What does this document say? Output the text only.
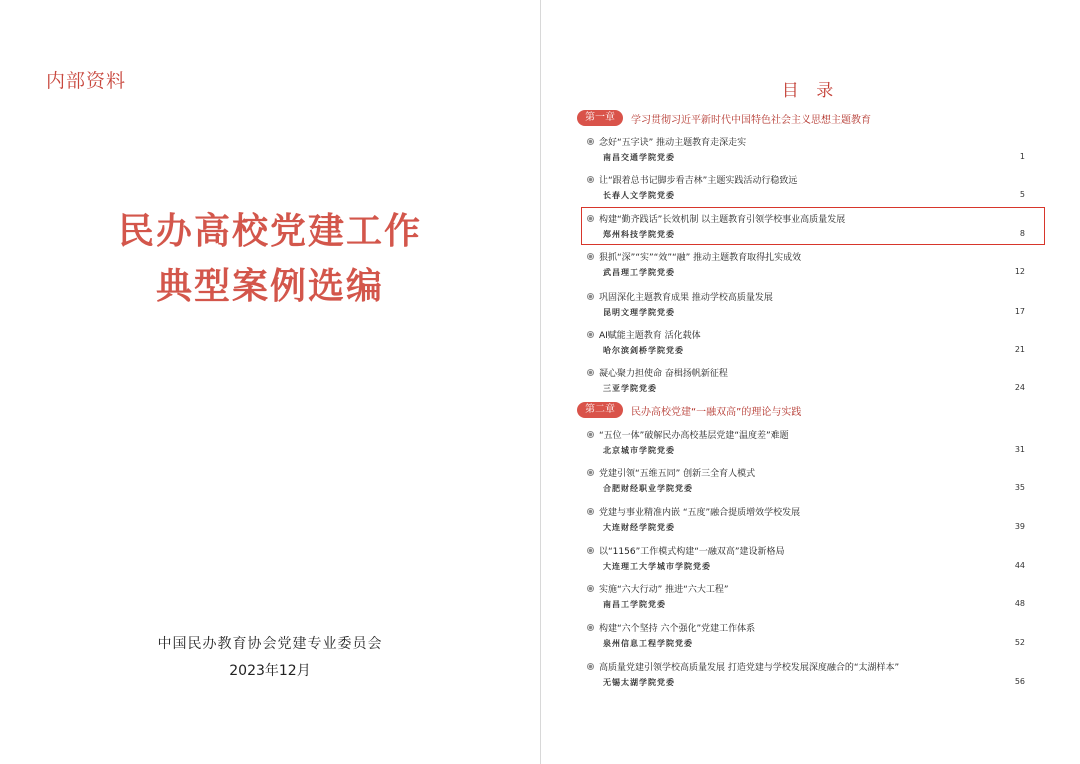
内部资料
民办高校党建工作
典型案例选编
中国民办教育协会党建专业委员会
2023年12月
目 录
第一章	学习贯彻习近平新时代中国特色社会主义思想主题教育
念好“五字诀” 推动主题教育走深走实
南昌交通学院党委	1
让“跟着总书记脚步看吉林”主题实践活动行稳致远
长春人文学院党委	5
构建“勤齐践话”长效机制 以主题教育引领学校事业高质量发展
郑州科技学院党委	8
狠抓“深”“实”“效”“融” 推动主题教育取得扎实成效
武昌理工学院党委	12
巩固深化主题教育成果 推动学校高质量发展
昆明文理学院党委	17
AI赋能主题教育 活化载体
哈尔滨剑桥学院党委	21
凝心聚力担使命 奋楫扬帆新征程
三亚学院党委	24
第二章	民办高校党建“一融双高”的理论与实践
“五位一体”破解民办高校基层党建“温度差”难题
北京城市学院党委	31
党建引领“五维五同” 创新三全育人模式
合肥财经职业学院党委	35
党建与事业精准内嵌 “五度”融合提质增效学校发展
大连财经学院党委	39
以“1156”工作模式构建“一融双高”建设新格局
大连理工大学城市学院党委	44
实施“六大行动” 推进“六大工程”
南昌工学院党委	48
构建“六个坚持 六个强化”党建工作体系
泉州信息工程学院党委	52
高质量党建引领学校高质量发展 打造党建与学校发展深度融合的“太湖样本”
无锡太湖学院党委	56
